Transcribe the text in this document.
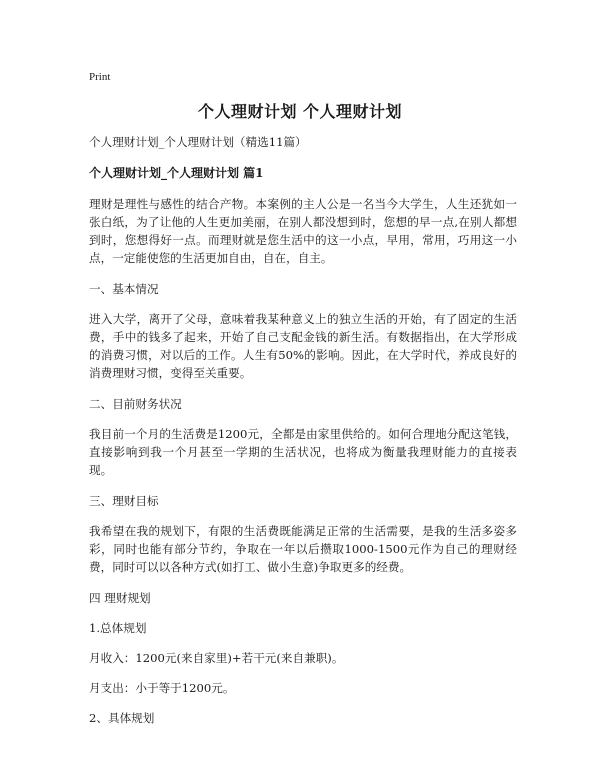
Print
个人理财计划 个人理财计划

个人理财计划_个人理财计划（精选11篇）

个人理财计划_个人理财计划 篇1

理财是理性与感性的结合产物。本案例的主人公是一名当今大学生，人生还犹如一张白纸，为了让他的人生更加美丽，在别人都没想到时，您想的早一点,在别人都想到时，您想得好一点。而理财就是您生活中的这一小点，早用，常用，巧用这一小点，一定能使您的生活更加自由，自在，自主。

一、基本情况

进入大学，离开了父母，意味着我某种意义上的独立生活的开始，有了固定的生活费，手中的钱多了起来，开始了自己支配金钱的新生活。有数据指出，在大学形成的消费习惯，对以后的工作。人生有50%的影响。因此，在大学时代，养成良好的消费理财习惯，变得至关重要。

二、目前财务状况

我目前一个月的生活费是1200元，全都是由家里供给的。如何合理地分配这笔钱，直接影响到我一个月甚至一学期的生活状况，也将成为衡量我理财能力的直接表现。

三、理财目标

我希望在我的规划下，有限的生活费既能满足正常的生活需要，是我的生活多姿多彩，同时也能有部分节约，争取在一年以后攒取1000-1500元作为自己的理财经费，同时可以以各种方式(如打工、做小生意)争取更多的经费。

四 理财规划

1.总体规划

月收入：1200元(来自家里)+若干元(来自兼职)。

月支出：小于等于1200元。

2、具体规划
